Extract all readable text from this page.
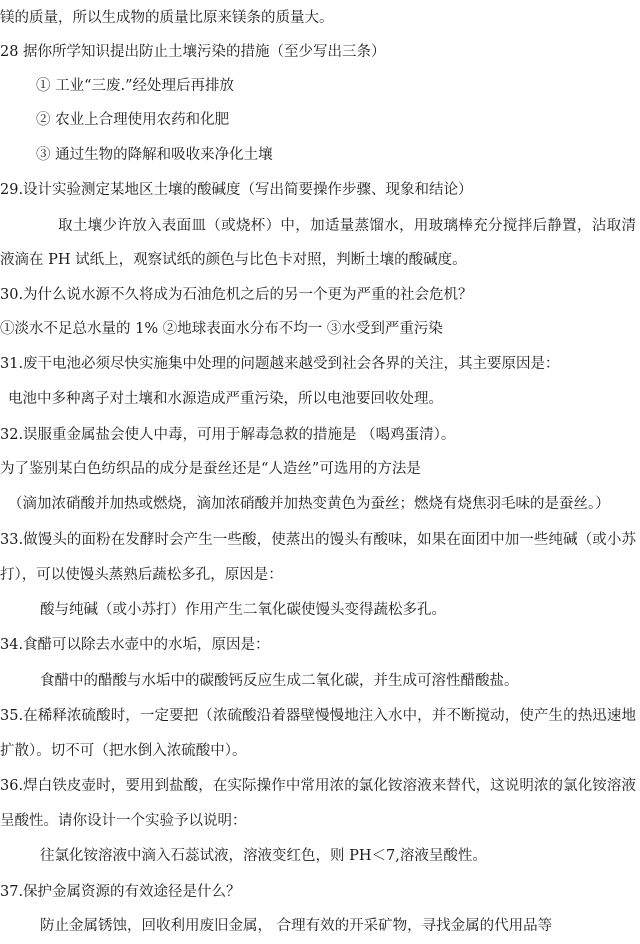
镁的质量，所以生成物的质量比原来镁条的质量大。
28 据你所学知识提出防止土壤污染的措施（至少写出三条）
① 工业“三废.”经处理后再排放
② 农业上合理使用农药和化肥
③ 通过生物的降解和吸收来净化土壤
29.设计实验测定某地区土壤的酸碱度（写出简要操作步骤、现象和结论）
取土壤少许放入表面皿（或烧杯）中，加适量蒸馏水，用玻璃棒充分搅拌后静置，沾取清
液滴在 PH 试纸上，观察试纸的颜色与比色卡对照，判断土壤的酸碱度。
30.为什么说水源不久将成为石油危机之后的另一个更为严重的社会危机？
①淡水不足总水量的 1% ②地球表面水分布不均一 ③水受到严重污染
31.废干电池必须尽快实施集中处理的问题越来越受到社会各界的关注，其主要原因是：
电池中多种离子对土壤和水源造成严重污染，所以电池要回收处理。
32.误服重金属盐会使人中毒，可用于解毒急救的措施是 （喝鸡蛋清）。
为了鉴别某白色纺织品的成分是蚕丝还是“人造丝”可选用的方法是
（滴加浓硝酸并加热或燃烧，滴加浓硝酸并加热变黄色为蚕丝；燃烧有烧焦羽毛味的是蚕丝。）
33.做馒头的面粉在发酵时会产生一些酸，使蒸出的馒头有酸味，如果在面团中加一些纯碱（或小苏
打），可以使馒头蒸熟后蔬松多孔，原因是：
酸与纯碱（或小苏打）作用产生二氧化碳使馒头变得蔬松多孔。
34.食醋可以除去水壶中的水垢，原因是：
食醋中的醋酸与水垢中的碳酸钙反应生成二氧化碳，并生成可溶性醋酸盐。
35.在稀释浓硫酸时，一定要把（浓硫酸沿着器壁慢慢地注入水中，并不断搅动，使产生的热迅速地
扩散）。切不可（把水倒入浓硫酸中）。
36.焊白铁皮壶时，要用到盐酸，在实际操作中常用浓的氯化铵溶液来替代，这说明浓的氯化铵溶液
呈酸性。请你设计一个实验予以说明：
往氯化铵溶液中滴入石蕊试液，溶液变红色，则 PH＜7,溶液呈酸性。
37.保护金属资源的有效途径是什么？
防止金属锈蚀，回收利用废旧金属， 合理有效的开采矿物，寻找金属的代用品等
